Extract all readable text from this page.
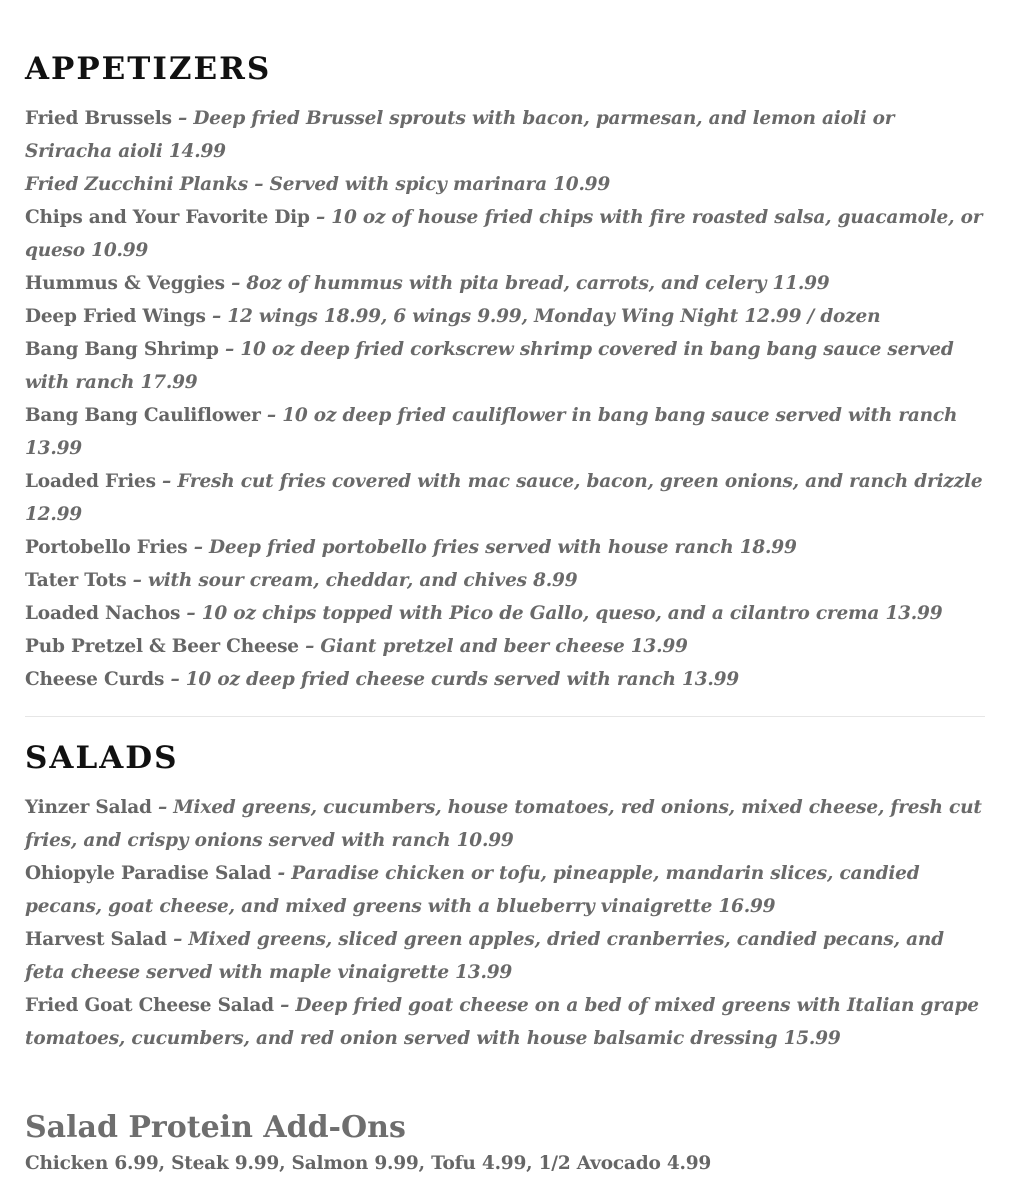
APPETIZERS
Fried Brussels – Deep fried Brussel sprouts with bacon, parmesan, and lemon aioli or Sriracha aioli 14.99
Fried Zucchini Planks – Served with spicy marinara 10.99
Chips and Your Favorite Dip – 10 oz of house fried chips with fire roasted salsa, guacamole, or queso 10.99
Hummus & Veggies – 8oz of hummus with pita bread, carrots, and celery 11.99
Deep Fried Wings – 12 wings 18.99, 6 wings 9.99, Monday Wing Night 12.99 / dozen
Bang Bang Shrimp – 10 oz deep fried corkscrew shrimp covered in bang bang sauce served with ranch 17.99
Bang Bang Cauliflower – 10 oz deep fried cauliflower in bang bang sauce served with ranch 13.99
Loaded Fries – Fresh cut fries covered with mac sauce, bacon, green onions, and ranch drizzle 12.99
Portobello Fries – Deep fried portobello fries served with house ranch 18.99
Tater Tots – with sour cream, cheddar, and chives 8.99
Loaded Nachos – 10 oz chips topped with Pico de Gallo, queso, and a cilantro crema 13.99
Pub Pretzel & Beer Cheese – Giant pretzel and beer cheese 13.99
Cheese Curds – 10 oz deep fried cheese curds served with ranch 13.99
SALADS
Yinzer Salad – Mixed greens, cucumbers, house tomatoes, red onions, mixed cheese, fresh cut fries, and crispy onions served with ranch 10.99
Ohiopyle Paradise Salad - Paradise chicken or tofu, pineapple, mandarin slices, candied pecans, goat cheese, and mixed greens with a blueberry vinaigrette 16.99
Harvest Salad – Mixed greens, sliced green apples, dried cranberries, candied pecans, and feta cheese served with maple vinaigrette 13.99
Fried Goat Cheese Salad – Deep fried goat cheese on a bed of mixed greens with Italian grape tomatoes, cucumbers, and red onion served with house balsamic dressing 15.99
Salad Protein Add-Ons
Chicken 6.99, Steak 9.99, Salmon 9.99, Tofu 4.99, 1/2 Avocado 4.99
